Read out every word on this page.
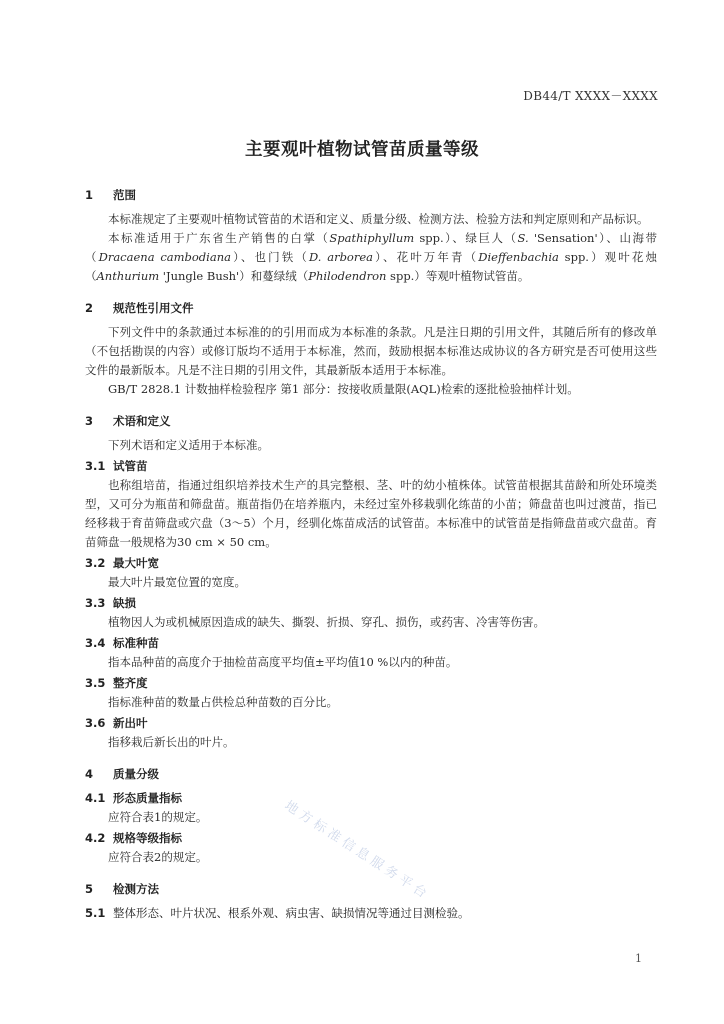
DB44/T XXXX－XXXX
主要观叶植物试管苗质量等级
1 范围

本标准规定了主要观叶植物试管苗的术语和定义、质量分级、检测方法、检验方法和判定原则和产品标识。

本标准适用于广东省生产销售的白掌（Spathiphyllum spp.）、绿巨人（S. 'Sensation'）、山海带（Dracaena cambodiana）、也门铁（D. arborea）、花叶万年青（Dieffenbachia spp.）观叶花烛（Anthurium 'Jungle Bush'）和蔓绿绒（Philodendron spp.）等观叶植物试管苗。

2 规范性引用文件

下列文件中的条款通过本标准的的引用而成为本标准的条款。凡是注日期的引用文件，其随后所有的修改单（不包括勘误的内容）或修订版均不适用于本标准，然而，鼓励根据本标准达成协议的各方研究是否可使用这些文件的最新版本。凡是不注日期的引用文件，其最新版本适用于本标准。

GB/T 2828.1 计数抽样检验程序 第1 部分：按接收质量限(AQL)检索的逐批检验抽样计划。

3 术语和定义

下列术语和定义适用于本标准。

3.1 试管苗

也称组培苗，指通过组织培养技术生产的具完整根、茎、叶的幼小植株体。试管苗根据其苗龄和所处环境类型，又可分为瓶苗和筛盘苗。瓶苗指仍在培养瓶内，未经过室外移栽驯化练苗的小苗；筛盘苗也叫过渡苗，指已经移栽于育苗筛盘或穴盘（3～5）个月，经驯化炼苗成活的试管苗。本标准中的试管苗是指筛盘苗或穴盘苗。育苗筛盘一般规格为30 cm × 50 cm。

3.2 最大叶宽

最大叶片最宽位置的宽度。

3.3 缺损

植物因人为或机械原因造成的缺失、撕裂、折损、穿孔、损伤，或药害、冷害等伤害。

3.4 标准种苗

指本品种苗的高度介于抽检苗高度平均值±平均值10 %以内的种苗。

3.5 整齐度

指标准种苗的数量占供检总种苗数的百分比。

3.6 新出叶

指移栽后新长出的叶片。

4 质量分级
4.1 形态质量指标

应符合表1的规定。

4.2 规格等级指标

应符合表2的规定。

5 检测方法
5.1 整体形态、叶片状况、根系外观、病虫害、缺损情况等通过目测检验。
地方标准信息服务平台
1
